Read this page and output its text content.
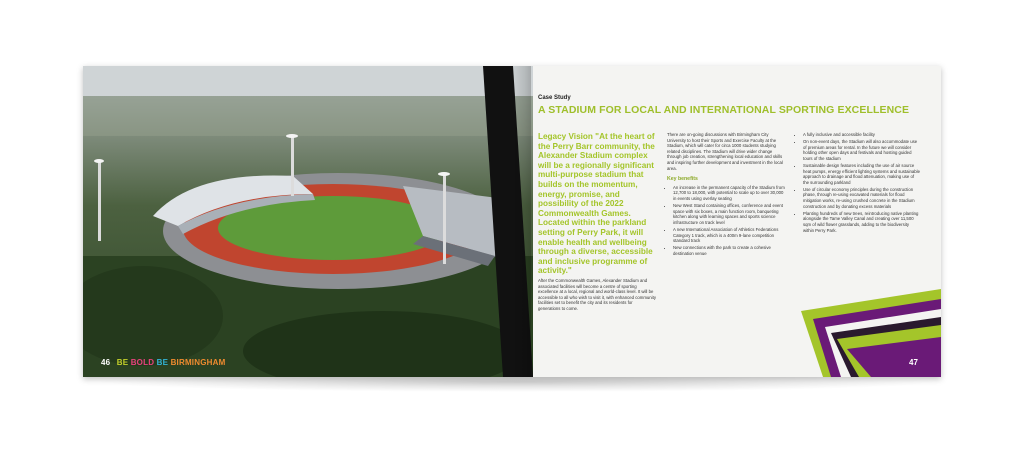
46 BE BOLD BE BIRMINGHAM
Case Study
A STADIUM FOR LOCAL AND INTERNATIONAL SPORTING EXCELLENCE
Legacy Vision "At the heart of the Perry Barr community, the Alexander Stadium complex will be a regionally significant multi-purpose stadium that builds on the momentum, energy, promise, and possibility of the 2022 Commonwealth Games. Located within the parkland setting of Perry Park, it will enable health and wellbeing through a diverse, accessible and inclusive programme of activity."
After the Commonwealth Games, Alexander Stadium and associated facilities will become a centre of sporting excellence at a local, regional and world-class level. It will be accessible to all who wish to visit it, with enhanced community facilities set to benefit the city and its residents for generations to come.

There are on-going discussions with Birmingham City University to host their Sports and Exercise Faculty at the Stadium, which will cater for circa 1000 students studying related disciplines. The Stadium will drive wider change through job creation, strengthening local education and skills and inspiring further development and investment in the local area.

Key benefits
• An increase in the permanent capacity of the Stadium from 12,700 to 18,000, with potential to scale up to over 30,000 in events using overlay seating
• New West Stand containing offices, conference and event space with six boxes, a main function room, banqueting kitchen along with learning spaces and sports science infrastructure on track level
• A new International Association of Athletics Federations Category 1 track, which is a 400m 9-lane competition standard track
• New connections with the park to create a cohesive destination venue
• A fully inclusive and accessible facility
• On non-event days, the Stadium will also accommodate use of premium areas for rental. In the future we will consider holding other open days and festivals and hosting guided tours of the stadium
• Sustainable design features including the use of air source heat pumps, energy efficient lighting systems and sustainable approach to drainage and flood attenuation, making use of the surrounding parkland
• Use of circular economy principles during the construction phase, through re-using excavated materials for flood mitigation works, re-using crushed concrete in the Stadium construction and by donating excess materials
• Planting hundreds of new trees, reintroducing native planting alongside the Tame Valley Canal and creating over 11,500 sqm of wild flower grasslands, adding to the biodiversity within Perry Park.
47
